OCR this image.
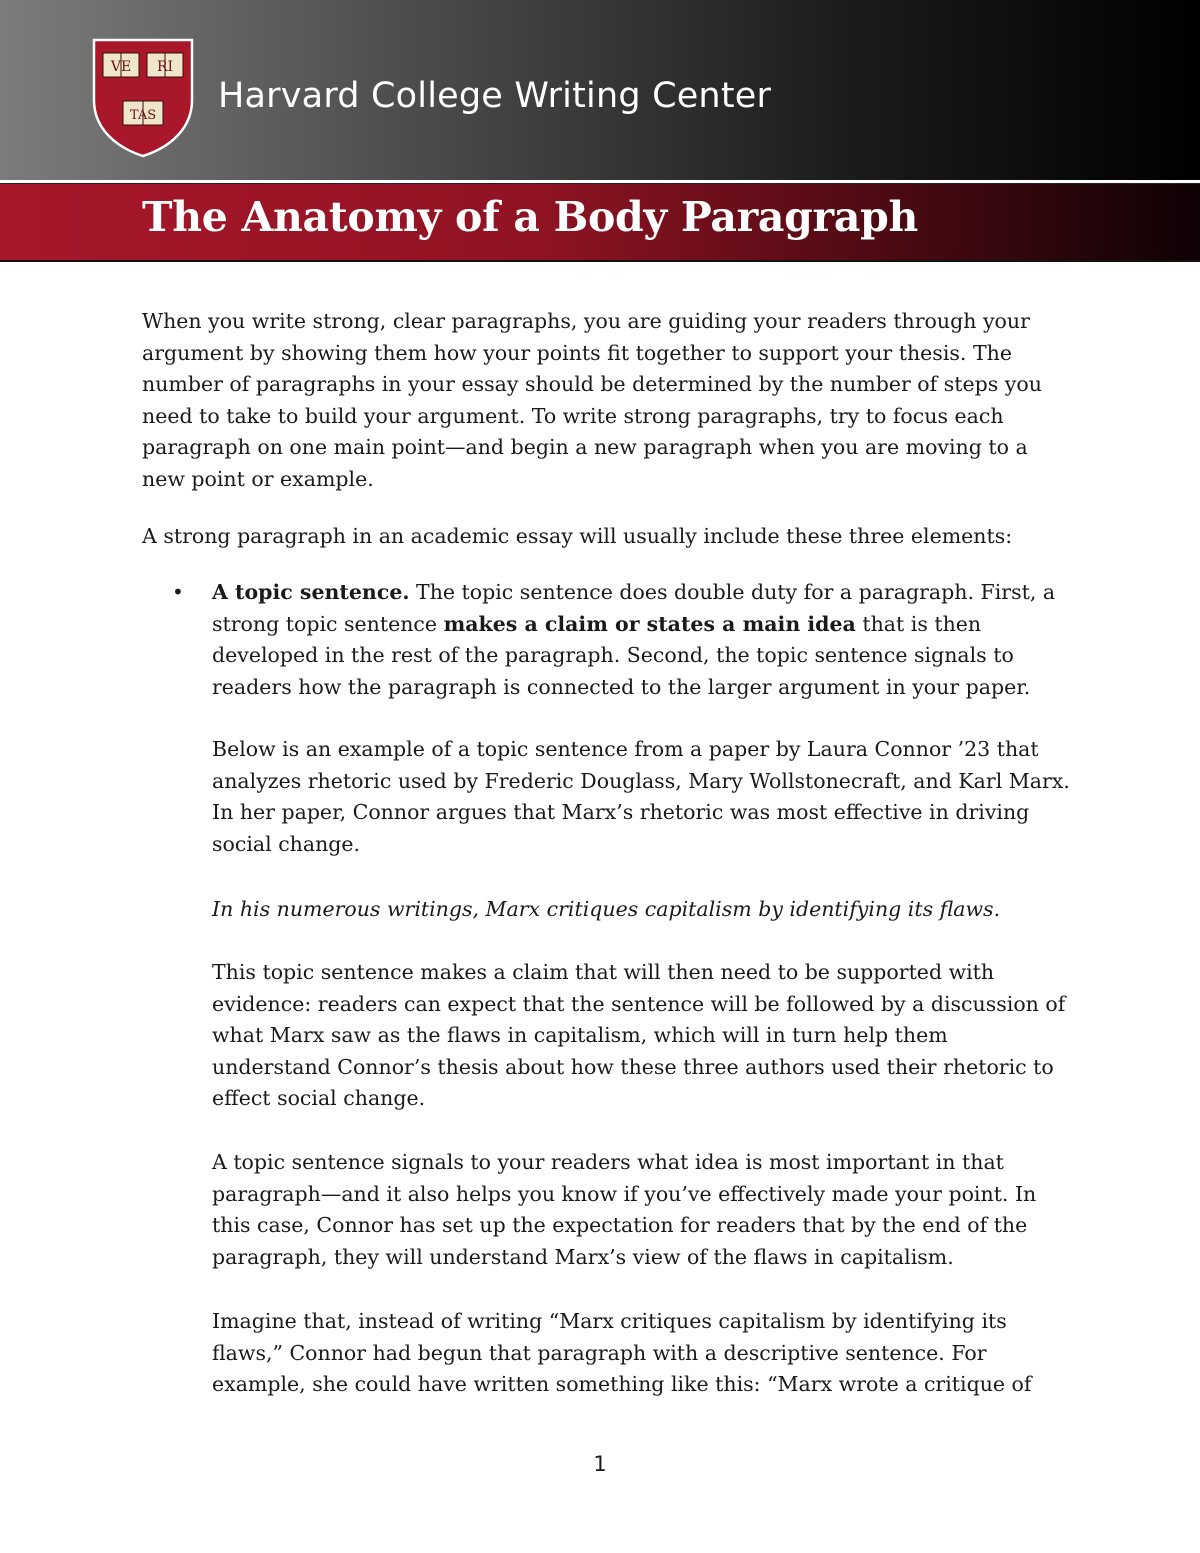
VE RI
TAS Harvard College Writing Center
The Anatomy of a Body Paragraph

When you write strong, clear paragraphs, you are guiding your readers through your argument by showing them how your points fit together to support your thesis. The number of paragraphs in your essay should be determined by the number of steps you need to take to build your argument. To write strong paragraphs, try to focus each paragraph on one main point—and begin a new paragraph when you are moving to a new point or example.

A strong paragraph in an academic essay will usually include these three elements:

• A topic sentence. The topic sentence does double duty for a paragraph. First, a strong topic sentence makes a claim or states a main idea that is then developed in the rest of the paragraph. Second, the topic sentence signals to readers how the paragraph is connected to the larger argument in your paper.

Below is an example of a topic sentence from a paper by Laura Connor ’23 that analyzes rhetoric used by Frederic Douglass, Mary Wollstonecraft, and Karl Marx. In her paper, Connor argues that Marx’s rhetoric was most effective in driving social change.

In his numerous writings, Marx critiques capitalism by identifying its flaws.

This topic sentence makes a claim that will then need to be supported with evidence: readers can expect that the sentence will be followed by a discussion of what Marx saw as the flaws in capitalism, which will in turn help them understand Connor’s thesis about how these three authors used their rhetoric to effect social change.

A topic sentence signals to your readers what idea is most important in that paragraph—and it also helps you know if you’ve effectively made your point. In this case, Connor has set up the expectation for readers that by the end of the paragraph, they will understand Marx’s view of the flaws in capitalism.

Imagine that, instead of writing “Marx critiques capitalism by identifying its flaws,” Connor had begun that paragraph with a descriptive sentence. For example, she could have written something like this: “Marx wrote a critique of

1
